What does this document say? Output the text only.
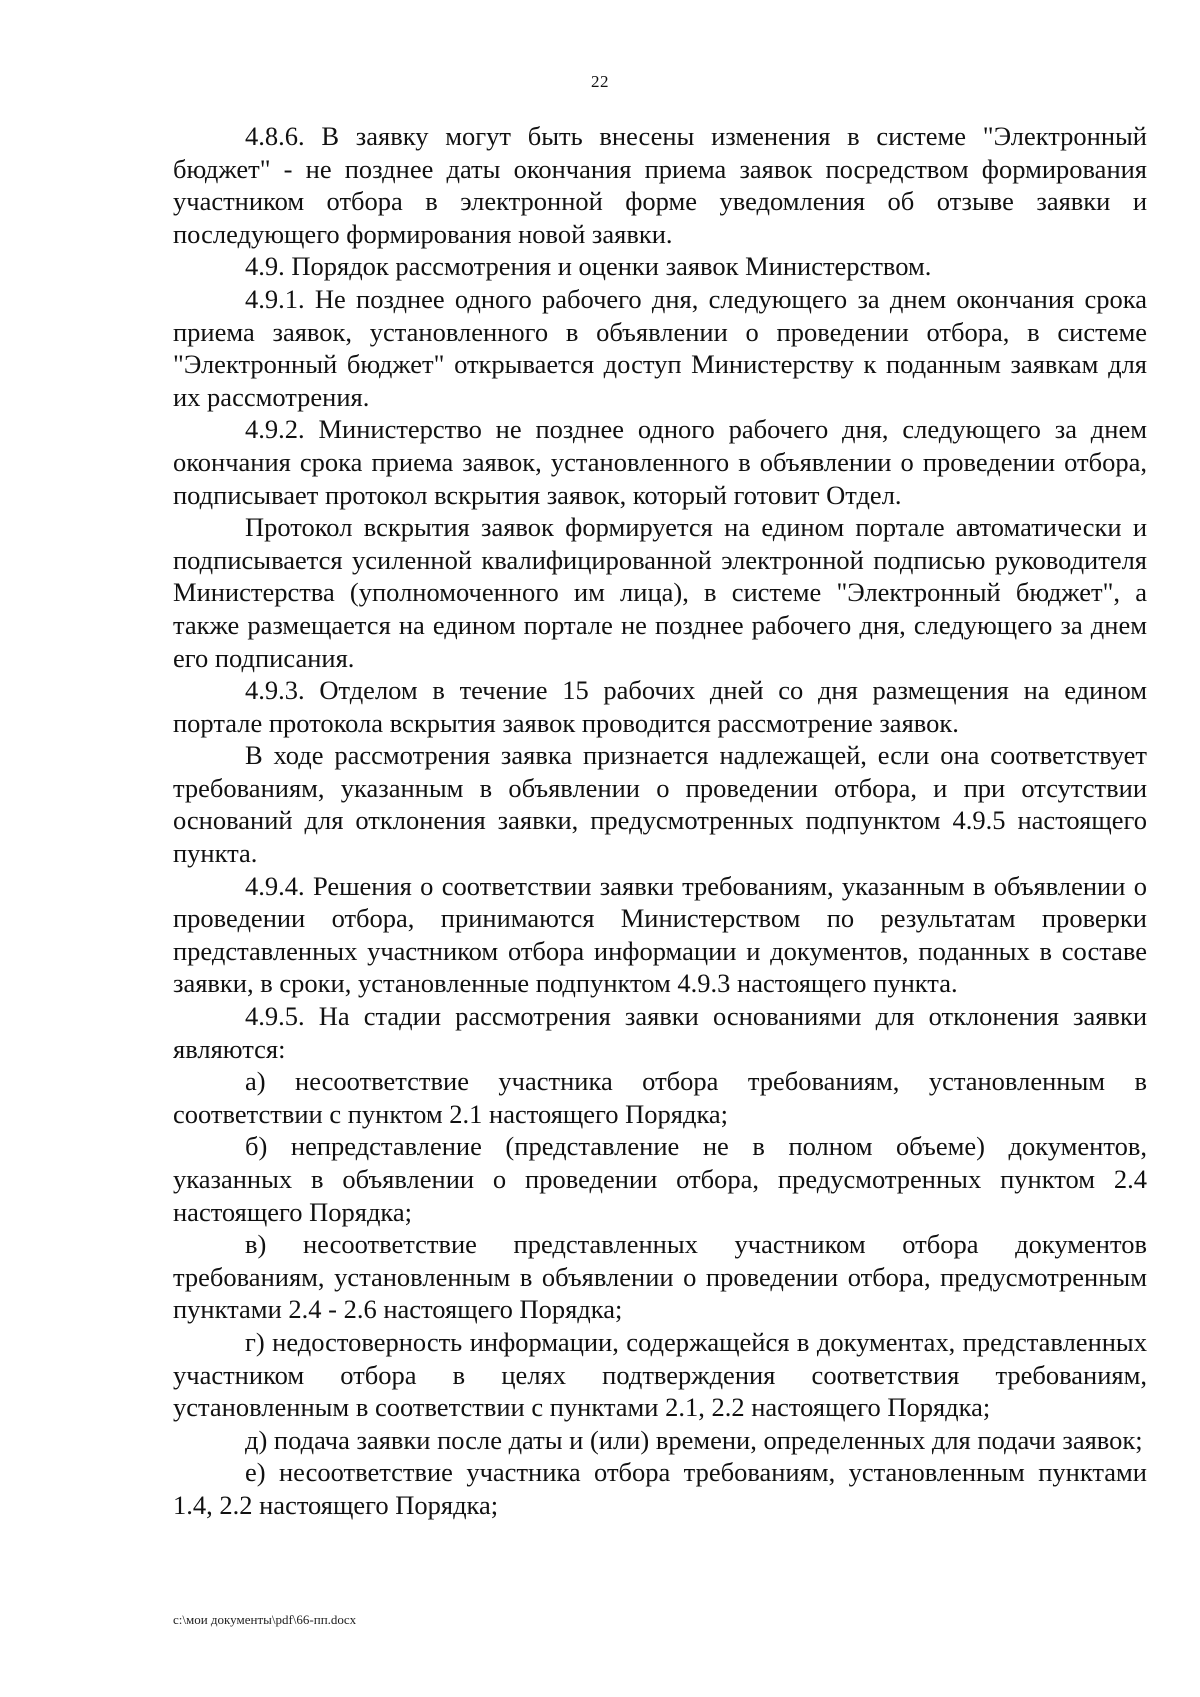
22

4.8.6. В заявку могут быть внесены изменения в системе "Электронный бюджет" - не позднее даты окончания приема заявок посредством формирования участником отбора в электронной форме уведомления об отзыве заявки и последующего формирования новой заявки.

4.9. Порядок рассмотрения и оценки заявок Министерством.

4.9.1. Не позднее одного рабочего дня, следующего за днем окончания срока приема заявок, установленного в объявлении о проведении отбора, в системе "Электронный бюджет" открывается доступ Министерству к поданным заявкам для их рассмотрения.

4.9.2. Министерство не позднее одного рабочего дня, следующего за днем окончания срока приема заявок, установленного в объявлении о проведении отбора, подписывает протокол вскрытия заявок, который готовит Отдел.

Протокол вскрытия заявок формируется на едином портале автоматически и подписывается усиленной квалифицированной электронной подписью руководителя Министерства (уполномоченного им лица), в системе "Электронный бюджет", а также размещается на едином портале не позднее рабочего дня, следующего за днем его подписания.

4.9.3. Отделом в течение 15 рабочих дней со дня размещения на едином портале протокола вскрытия заявок проводится рассмотрение заявок.

В ходе рассмотрения заявка признается надлежащей, если она соответствует требованиям, указанным в объявлении о проведении отбора, и при отсутствии оснований для отклонения заявки, предусмотренных подпунктом 4.9.5 настоящего пункта.

4.9.4. Решения о соответствии заявки требованиям, указанным в объявлении о проведении отбора, принимаются Министерством по результатам проверки представленных участником отбора информации и документов, поданных в составе заявки, в сроки, установленные подпунктом 4.9.3 настоящего пункта.

4.9.5. На стадии рассмотрения заявки основаниями для отклонения заявки являются:

а) несоответствие участника отбора требованиям, установленным в соответствии с пунктом 2.1 настоящего Порядка;

б) непредставление (представление не в полном объеме) документов, указанных в объявлении о проведении отбора, предусмотренных пунктом 2.4 настоящего Порядка;

в) несоответствие представленных участником отбора документов требованиям, установленным в объявлении о проведении отбора, предусмотренным пунктами 2.4 - 2.6 настоящего Порядка;

г) недостоверность информации, содержащейся в документах, представленных участником отбора в целях подтверждения соответствия требованиям, установленным в соответствии с пунктами 2.1, 2.2 настоящего Порядка;

д) подача заявки после даты и (или) времени, определенных для подачи заявок;

е) несоответствие участника отбора требованиям, установленным пунктами 1.4, 2.2 настоящего Порядка;

c:\мои документы\pdf\66-пп.docx
